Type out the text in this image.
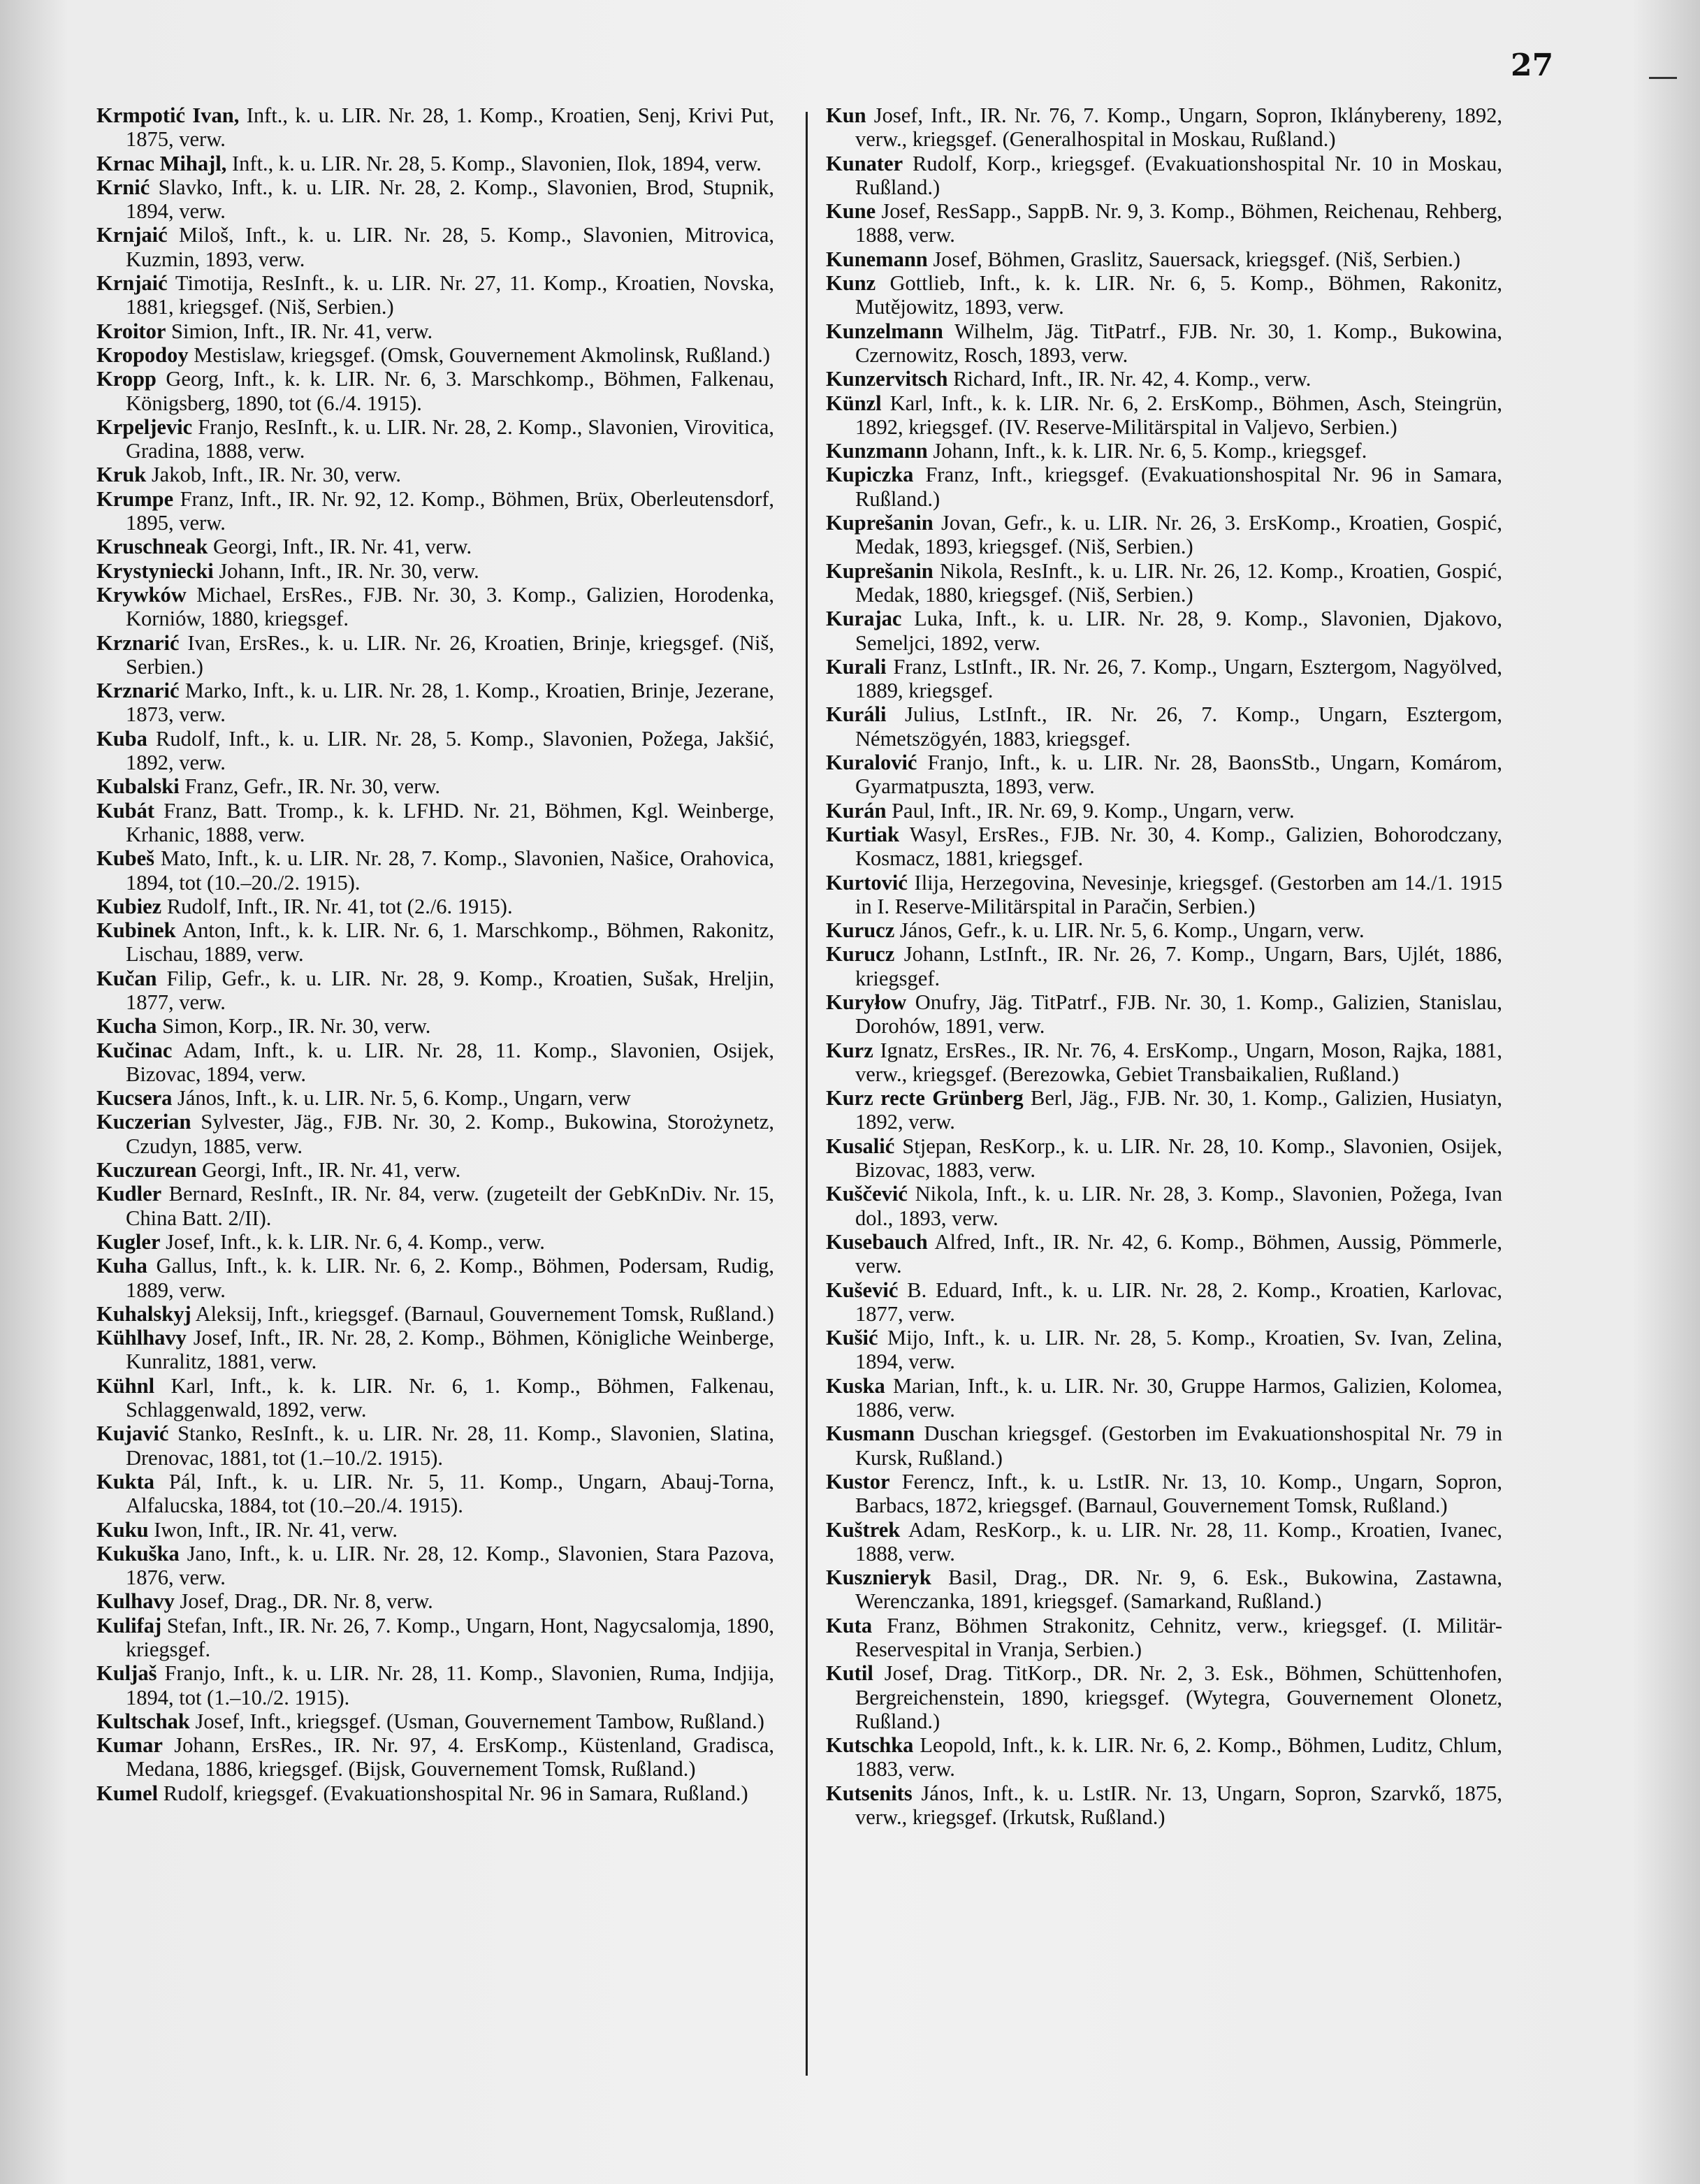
27

Krmpotić Ivan, Inft., k. u. LIR. Nr. 28, 1. Komp., Kroatien, Senj, Krivi Put, 1875, verw.

Krnac Mihajl, Inft., k. u. LIR. Nr. 28, 5. Komp., Slavonien, Ilok, 1894, verw.

Krnić Slavko, Inft., k. u. LIR. Nr. 28, 2. Komp., Slavonien, Brod, Stupnik, 1894, verw.

Krnjaić Miloš, Inft., k. u. LIR. Nr. 28, 5. Komp., Slavonien, Mitrovica, Kuzmin, 1893, verw.

Krnjaić Timotija, ResInft., k. u. LIR. Nr. 27, 11. Komp., Kroatien, Novska, 1881, kriegsgef. (Niš, Serbien.)

Kroitor Simion, Inft., IR. Nr. 41, verw.

Kropodoy Mestislaw, kriegsgef. (Omsk, Gouvernement Akmolinsk, Rußland.)

Kropp Georg, Inft., k. k. LIR. Nr. 6, 3. Marschkomp., Böhmen, Falkenau, Königsberg, 1890, tot (6./4. 1915).

Krpeljevic Franjo, ResInft., k. u. LIR. Nr. 28, 2. Komp., Slavonien, Virovitica, Gradina, 1888, verw.

Kruk Jakob, Inft., IR. Nr. 30, verw.

Krumpe Franz, Inft., IR. Nr. 92, 12. Komp., Böhmen, Brüx, Oberleutensdorf, 1895, verw.

Kruschneak Georgi, Inft., IR. Nr. 41, verw.

Krystyniecki Johann, Inft., IR. Nr. 30, verw.

Krywków Michael, ErsRes., FJB. Nr. 30, 3. Komp., Galizien, Horodenka, Korniów, 1880, kriegsgef.

Krznarić Ivan, ErsRes., k. u. LIR. Nr. 26, Kroatien, Brinje, kriegsgef. (Niš, Serbien.)

Krznarić Marko, Inft., k. u. LIR. Nr. 28, 1. Komp., Kroatien, Brinje, Jezerane, 1873, verw.

Kuba Rudolf, Inft., k. u. LIR. Nr. 28, 5. Komp., Slavonien, Požega, Jakšić, 1892, verw.

Kubalski Franz, Gefr., IR. Nr. 30, verw.

Kubát Franz, Batt. Tromp., k. k. LFHD. Nr. 21, Böhmen, Kgl. Weinberge, Krhanic, 1888, verw.

Kubeš Mato, Inft., k. u. LIR. Nr. 28, 7. Komp., Slavonien, Našice, Orahovica, 1894, tot (10.–20./2. 1915).

Kubiez Rudolf, Inft., IR. Nr. 41, tot (2./6. 1915).

Kubinek Anton, Inft., k. k. LIR. Nr. 6, 1. Marschkomp., Böhmen, Rakonitz, Lischau, 1889, verw.

Kučan Filip, Gefr., k. u. LIR. Nr. 28, 9. Komp., Kroatien, Sušak, Hreljin, 1877, verw.

Kucha Simon, Korp., IR. Nr. 30, verw.

Kučinac Adam, Inft., k. u. LIR. Nr. 28, 11. Komp., Slavonien, Osijek, Bizovac, 1894, verw.

Kucsera János, Inft., k. u. LIR. Nr. 5, 6. Komp., Ungarn, verw

Kuczerian Sylvester, Jäg., FJB. Nr. 30, 2. Komp., Bukowina, Storożynetz, Czudyn, 1885, verw.

Kuczurean Georgi, Inft., IR. Nr. 41, verw.

Kudler Bernard, ResInft., IR. Nr. 84, verw. (zugeteilt der GebKnDiv. Nr. 15, China Batt. 2/II).

Kugler Josef, Inft., k. k. LIR. Nr. 6, 4. Komp., verw.

Kuha Gallus, Inft., k. k. LIR. Nr. 6, 2. Komp., Böhmen, Podersam, Rudig, 1889, verw.

Kuhalskyj Aleksij, Inft., kriegsgef. (Barnaul, Gouvernement Tomsk, Rußland.)

Kühlhavy Josef, Inft., IR. Nr. 28, 2. Komp., Böhmen, Königliche Weinberge, Kunralitz, 1881, verw.

Kühnl Karl, Inft., k. k. LIR. Nr. 6, 1. Komp., Böhmen, Falkenau, Schlaggenwald, 1892, verw.

Kujavić Stanko, ResInft., k. u. LIR. Nr. 28, 11. Komp., Slavonien, Slatina, Drenovac, 1881, tot (1.–10./2. 1915).

Kukta Pál, Inft., k. u. LIR. Nr. 5, 11. Komp., Ungarn, Abauj-Torna, Alfalucska, 1884, tot (10.–20./4. 1915).

Kuku Iwon, Inft., IR. Nr. 41, verw.

Kukuška Jano, Inft., k. u. LIR. Nr. 28, 12. Komp., Slavonien, Stara Pazova, 1876, verw.

Kulhavy Josef, Drag., DR. Nr. 8, verw.

Kulifaj Stefan, Inft., IR. Nr. 26, 7. Komp., Ungarn, Hont, Nagycsalomja, 1890, kriegsgef.

Kuljaš Franjo, Inft., k. u. LIR. Nr. 28, 11. Komp., Slavonien, Ruma, Indjija, 1894, tot (1.–10./2. 1915).

Kultschak Josef, Inft., kriegsgef. (Usman, Gouvernement Tambow, Rußland.)

Kumar Johann, ErsRes., IR. Nr. 97, 4. ErsKomp., Küstenland, Gradisca, Medana, 1886, kriegsgef. (Bijsk, Gouvernement Tomsk, Rußland.)

Kumel Rudolf, kriegsgef. (Evakuationshospital Nr. 96 in Samara, Rußland.)

Kun Josef, Inft., IR. Nr. 76, 7. Komp., Ungarn, Sopron, Iklánybereny, 1892, verw., kriegsgef. (Generalhospital in Moskau, Rußland.)

Kunater Rudolf, Korp., kriegsgef. (Evakuationshospital Nr. 10 in Moskau, Rußland.)

Kune Josef, ResSapp., SappB. Nr. 9, 3. Komp., Böhmen, Reichenau, Rehberg, 1888, verw.

Kunemann Josef, Böhmen, Graslitz, Sauersack, kriegsgef. (Niš, Serbien.)

Kunz Gottlieb, Inft., k. k. LIR. Nr. 6, 5. Komp., Böhmen, Rakonitz, Mutějowitz, 1893, verw.

Kunzelmann Wilhelm, Jäg. TitPatrf., FJB. Nr. 30, 1. Komp., Bukowina, Czernowitz, Rosch, 1893, verw.

Kunzervitsch Richard, Inft., IR. Nr. 42, 4. Komp., verw.

Künzl Karl, Inft., k. k. LIR. Nr. 6, 2. ErsKomp., Böhmen, Asch, Steingrün, 1892, kriegsgef. (IV. Reserve-Militärspital in Valjevo, Serbien.)

Kunzmann Johann, Inft., k. k. LIR. Nr. 6, 5. Komp., kriegsgef.

Kupiczka Franz, Inft., kriegsgef. (Evakuationshospital Nr. 96 in Samara, Rußland.)

Kuprešanin Jovan, Gefr., k. u. LIR. Nr. 26, 3. ErsKomp., Kroatien, Gospić, Medak, 1893, kriegsgef. (Niš, Serbien.)

Kuprešanin Nikola, ResInft., k. u. LIR. Nr. 26, 12. Komp., Kroatien, Gospić, Medak, 1880, kriegsgef. (Niš, Serbien.)

Kurajac Luka, Inft., k. u. LIR. Nr. 28, 9. Komp., Slavonien, Djakovo, Semeljci, 1892, verw.

Kurali Franz, LstInft., IR. Nr. 26, 7. Komp., Ungarn, Esztergom, Nagyölved, 1889, kriegsgef.

Kuráli Julius, LstInft., IR. Nr. 26, 7. Komp., Ungarn, Esztergom, Németszögyén, 1883, kriegsgef.

Kuralović Franjo, Inft., k. u. LIR. Nr. 28, BaonsStb., Ungarn, Komárom, Gyarmatpuszta, 1893, verw.

Kurán Paul, Inft., IR. Nr. 69, 9. Komp., Ungarn, verw.

Kurtiak Wasyl, ErsRes., FJB. Nr. 30, 4. Komp., Galizien, Bohorodczany, Kosmacz, 1881, kriegsgef.

Kurtović Ilija, Herzegovina, Nevesinje, kriegsgef. (Gestorben am 14./1. 1915 in I. Reserve-Militärspital in Paračin, Serbien.)

Kurucz János, Gefr., k. u. LIR. Nr. 5, 6. Komp., Ungarn, verw.

Kurucz Johann, LstInft., IR. Nr. 26, 7. Komp., Ungarn, Bars, Ujlét, 1886, kriegsgef.

Kuryłow Onufry, Jäg. TitPatrf., FJB. Nr. 30, 1. Komp., Galizien, Stanislau, Dorohów, 1891, verw.

Kurz Ignatz, ErsRes., IR. Nr. 76, 4. ErsKomp., Ungarn, Moson, Rajka, 1881, verw., kriegsgef. (Berezowka, Gebiet Transbaikalien, Rußland.)

Kurz recte Grünberg Berl, Jäg., FJB. Nr. 30, 1. Komp., Galizien, Husiatyn, 1892, verw.

Kusalić Stjepan, ResKorp., k. u. LIR. Nr. 28, 10. Komp., Slavonien, Osijek, Bizovac, 1883, verw.

Kuščević Nikola, Inft., k. u. LIR. Nr. 28, 3. Komp., Slavonien, Požega, Ivan dol., 1893, verw.

Kusebauch Alfred, Inft., IR. Nr. 42, 6. Komp., Böhmen, Aussig, Pömmerle, verw.

Kušević B. Eduard, Inft., k. u. LIR. Nr. 28, 2. Komp., Kroatien, Karlovac, 1877, verw.

Kušić Mijo, Inft., k. u. LIR. Nr. 28, 5. Komp., Kroatien, Sv. Ivan, Zelina, 1894, verw.

Kuska Marian, Inft., k. u. LIR. Nr. 30, Gruppe Harmos, Galizien, Kolomea, 1886, verw.

Kusmann Duschan kriegsgef. (Gestorben im Evakuationshospital Nr. 79 in Kursk, Rußland.)

Kustor Ferencz, Inft., k. u. LstIR. Nr. 13, 10. Komp., Ungarn, Sopron, Barbacs, 1872, kriegsgef. (Barnaul, Gouvernement Tomsk, Rußland.)

Kuštrek Adam, ResKorp., k. u. LIR. Nr. 28, 11. Komp., Kroatien, Ivanec, 1888, verw.

Kusznieryk Basil, Drag., DR. Nr. 9, 6. Esk., Bukowina, Zastawna, Werenczanka, 1891, kriegsgef. (Samarkand, Rußland.)

Kuta Franz, Böhmen Strakonitz, Cehnitz, verw., kriegsgef. (I. Militär-Reservespital in Vranja, Serbien.)

Kutil Josef, Drag. TitKorp., DR. Nr. 2, 3. Esk., Böhmen, Schüttenhofen, Bergreichenstein, 1890, kriegsgef. (Wytegra, Gouvernement Olonetz, Rußland.)

Kutschka Leopold, Inft., k. k. LIR. Nr. 6, 2. Komp., Böhmen, Luditz, Chlum, 1883, verw.

Kutsenits János, Inft., k. u. LstIR. Nr. 13, Ungarn, Sopron, Szarvkő, 1875, verw., kriegsgef. (Irkutsk, Rußland.)
